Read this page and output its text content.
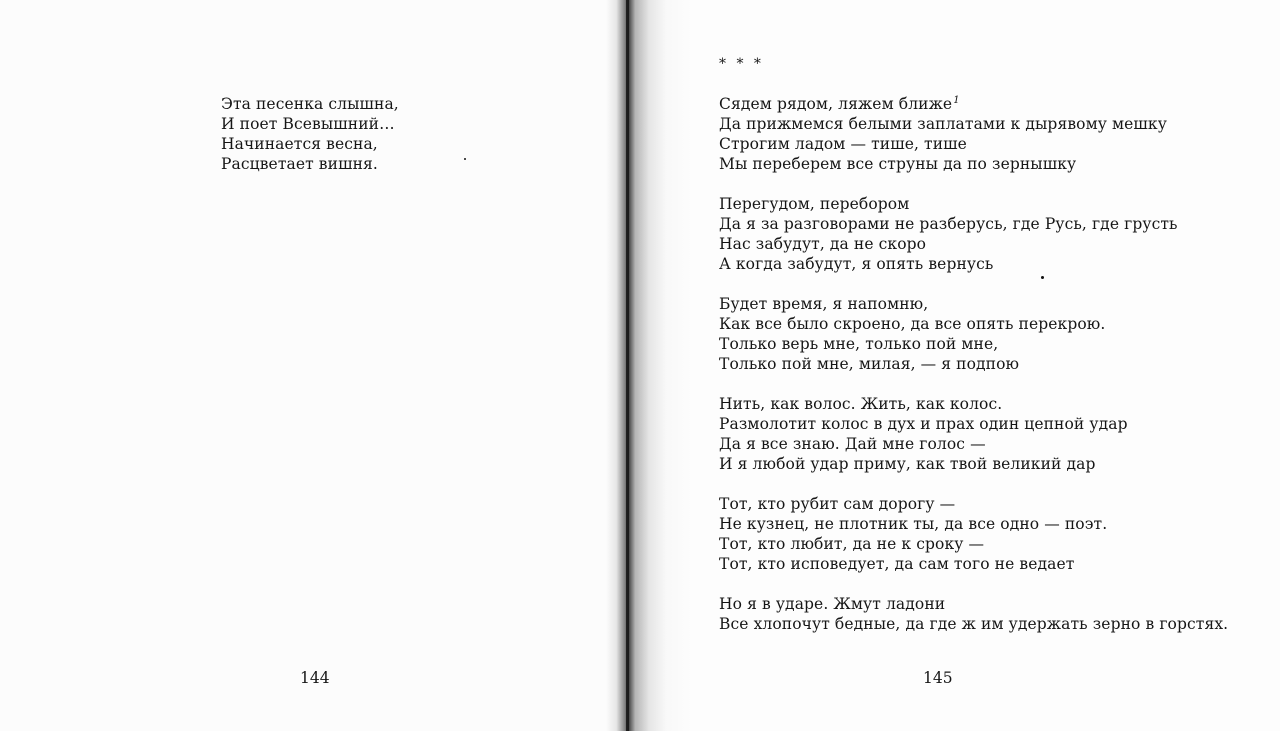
Эта песенка слышна,
И поет Всевышний…
Начинается весна,
Расцветает вишня.
* * *
Сядем рядом, ляжем ближе$^1$
Да прижмемся белыми заплатами к дырявому мешку
Строгим ладом — тише, тише
Мы переберем все струны да по зернышку
Перегудом, перебором
Да я за разговорами не разберусь, где Русь, где грусть
Нас забудут, да не скоро
А когда забудут, я опять вернусь
Будет время, я напомню,
Как все было скроено, да все опять перекрою.
Только верь мне, только пой мне,
Только пой мне, милая, — я подпою
Нить, как волос. Жить, как колос.
Размолотит колос в дух и прах один цепной удар
Да я все знаю. Дай мне голос —
И я любой удар приму, как твой великий дар
Тот, кто рубит сам дорогу —
Не кузнец, не плотник ты, да все одно — поэт.
Тот, кто любит, да не к сроку —
Тот, кто исповедует, да сам того не ведает
Но я в ударе. Жмут ладони
Все хлопочут бедные, да где ж им удержать зерно в горстях.
144	145
